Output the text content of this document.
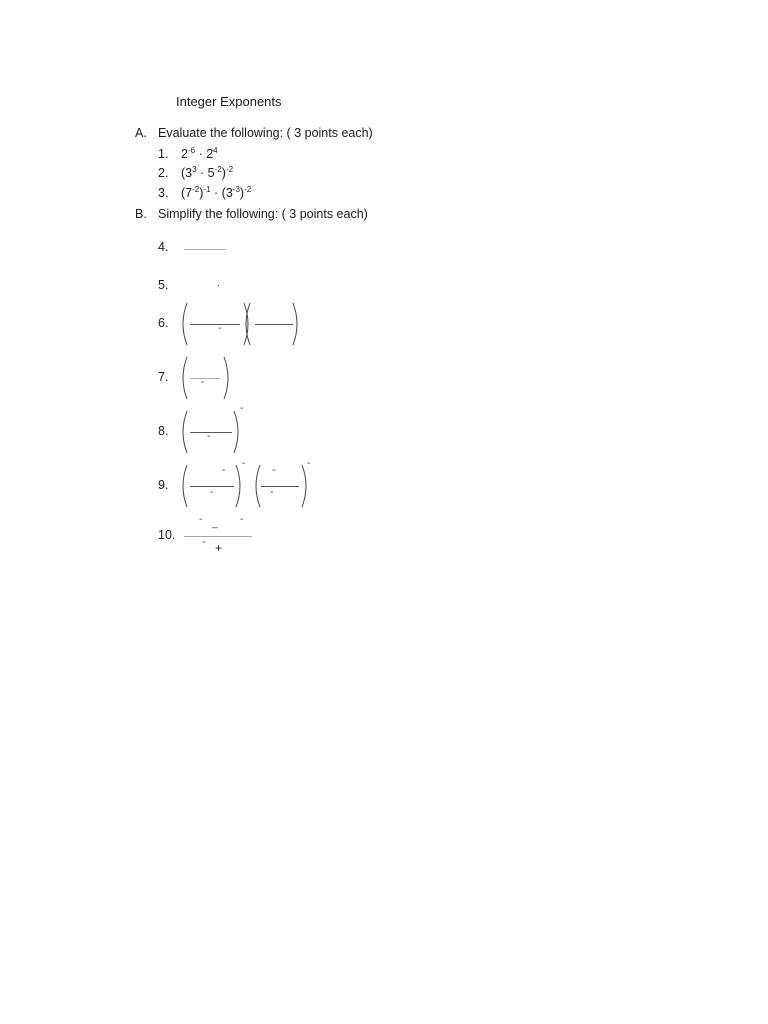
Integer Exponents
A. Evaluate the following: ( 3 points each)
1. $2^{-6} \cdot 2^4$
2. $(3^3 \cdot 5^{-2})^{-2}$
3. $(7^{-2})^{-1} \cdot (3^{-3})^{-2}$
B. Simplify the following: ( 3 points each)
4.
5.	.
6.	-
7.	-
8.	-
-
9.
-
-
-
-
-
-
10.
- _ -
- +
